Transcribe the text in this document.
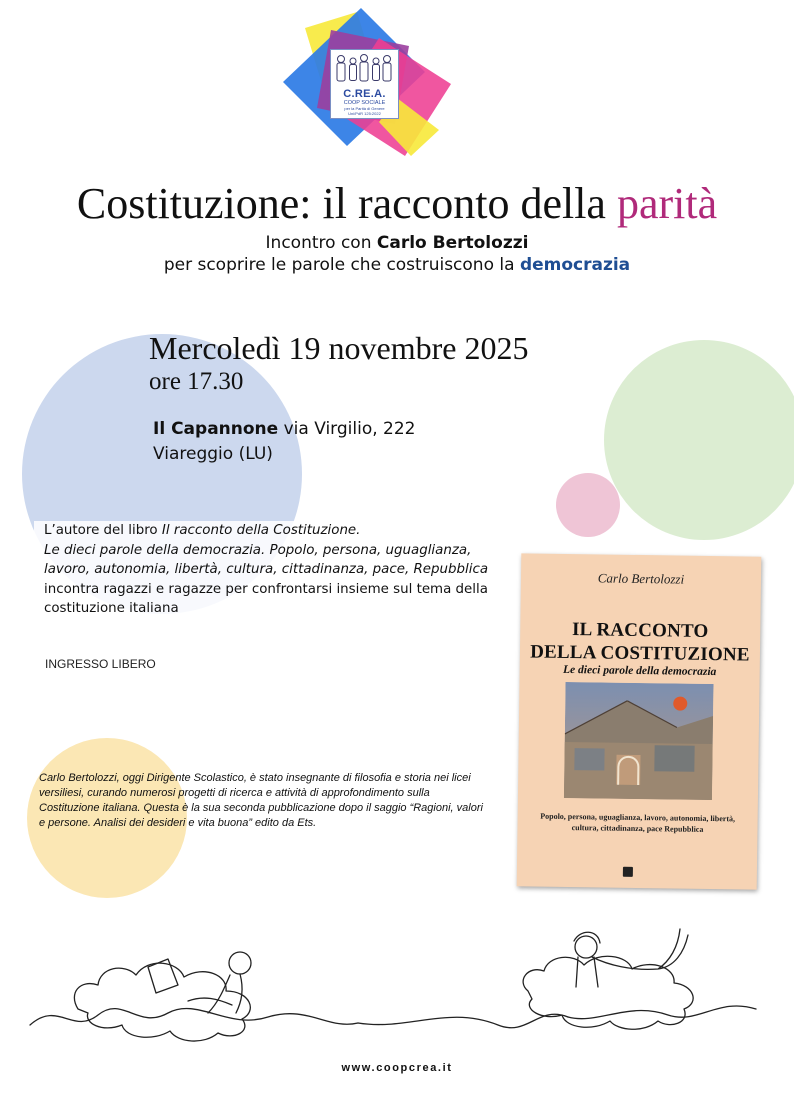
C.RE.A.
COOP SOCIALE
per la Parità di Genere
Uni/PdR 125:2022
Costituzione: il racconto della parità
Incontro con Carlo Bertolozzi
per scoprire le parole che costruiscono la democrazia
Mercoledì 19 novembre 2025
ore 17.30
Il Capannone via Virgilio, 222
Viareggio (LU)
L’autore del libro Il racconto della Costituzione.
Le dieci parole della democrazia. Popolo, persona, uguaglianza, lavoro, autonomia, libertà, cultura, cittadinanza, pace, Repubblica incontra ragazzi e ragazze per confrontarsi insieme sul tema della costituzione italiana
INGRESSO LIBERO
Carlo Bertolozzi, oggi Dirigente Scolastico, è stato insegnante di filosofia e storia nei licei versiliesi, curando numerosi progetti di ricerca e attività di approfondimento sulla Costituzione italiana. Questa è la sua seconda pubblicazione dopo il saggio “Ragioni, valori e persone. Analisi dei desideri e vita buona” edito da Ets.
Carlo Bertolozzi
IL RACCONTO
DELLA COSTITUZIONE
Le dieci parole della democrazia
Popolo, persona, uguaglianza, lavoro, autonomia, libertà, cultura, cittadinanza, pace Repubblica
www.coopcrea.it
